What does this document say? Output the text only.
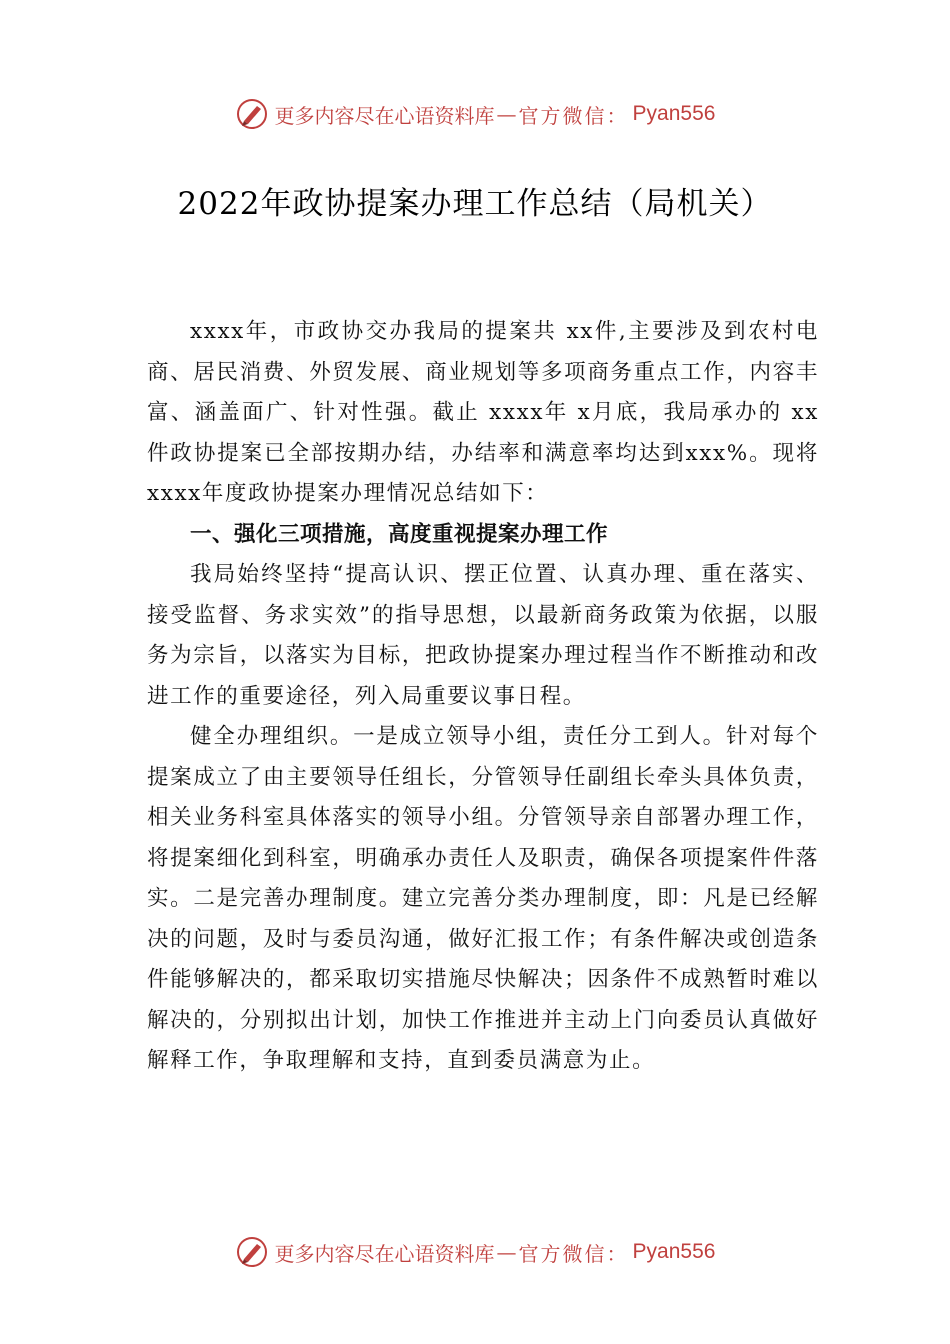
更多内容尽在心语资料库 — 官方微信： Pyan556
2022年政协提案办理工作总结（局机关）

xxxx年，市政协交办我局的提案共 xx件,主要涉及到农村电商、居民消费、外贸发展、商业规划等多项商务重点工作，内容丰富、涵盖面广、针对性强。截止 xxxx年 x月底，我局承办的 xx 件政协提案已全部按期办结，办结率和满意率均达到xxx%。现将xxxx年度政协提案办理情况总结如下：

一、强化三项措施，高度重视提案办理工作

我局始终坚持“提高认识、摆正位置、认真办理、重在落实、接受监督、务求实效”的指导思想，以最新商务政策为依据，以服务为宗旨，以落实为目标，把政协提案办理过程当作不断推动和改进工作的重要途径，列入局重要议事日程。

健全办理组织。一是成立领导小组，责任分工到人。针对每个提案成立了由主要领导任组长，分管领导任副组长牵头具体负责，相关业务科室具体落实的领导小组。分管领导亲自部署办理工作，将提案细化到科室，明确承办责任人及职责，确保各项提案件件落实。二是完善办理制度。建立完善分类办理制度，即：凡是已经解决的问题，及时与委员沟通，做好汇报工作；有条件解决或创造条件能够解决的，都采取切实措施尽快解决；因条件不成熟暂时难以解决的，分别拟出计划，加快工作推进并主动上门向委员认真做好解释工作，争取理解和支持，直到委员满意为止。

更多内容尽在心语资料库 — 官方微信： Pyan556
